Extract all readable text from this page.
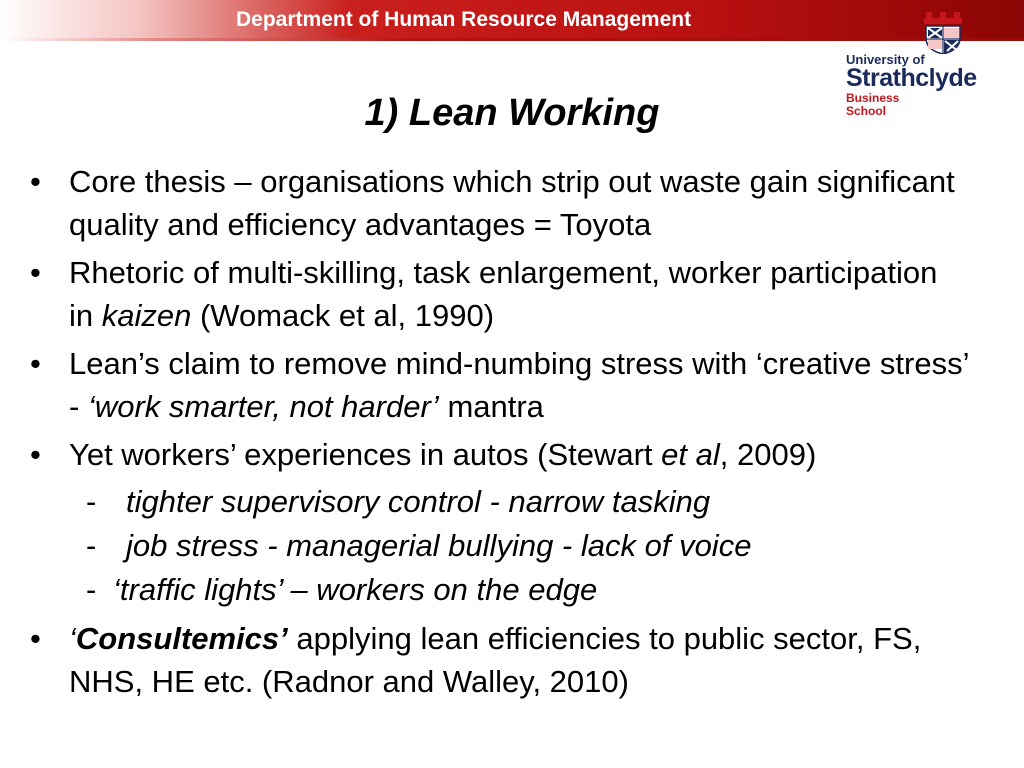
Department of Human Resource Management
University of
Strathclyde
Business
School
1) Lean Working
• Core thesis – organisations which strip out waste gain significant quality and efficiency advantages = Toyota
• Rhetoric of multi-skilling, task enlargement, worker participation in kaizen (Womack et al, 1990)
• Lean’s claim to remove mind-numbing stress with ‘creative stress’ - ‘work smarter, not harder’ mantra
• Yet workers’ experiences in autos (Stewart et al, 2009)
- tighter supervisory control - narrow tasking
- job stress - managerial bullying - lack of voice
- ‘traffic lights’ – workers on the edge
• ‘Consultemics’ applying lean efficiencies to public sector, FS, NHS, HE etc. (Radnor and Walley, 2010)
